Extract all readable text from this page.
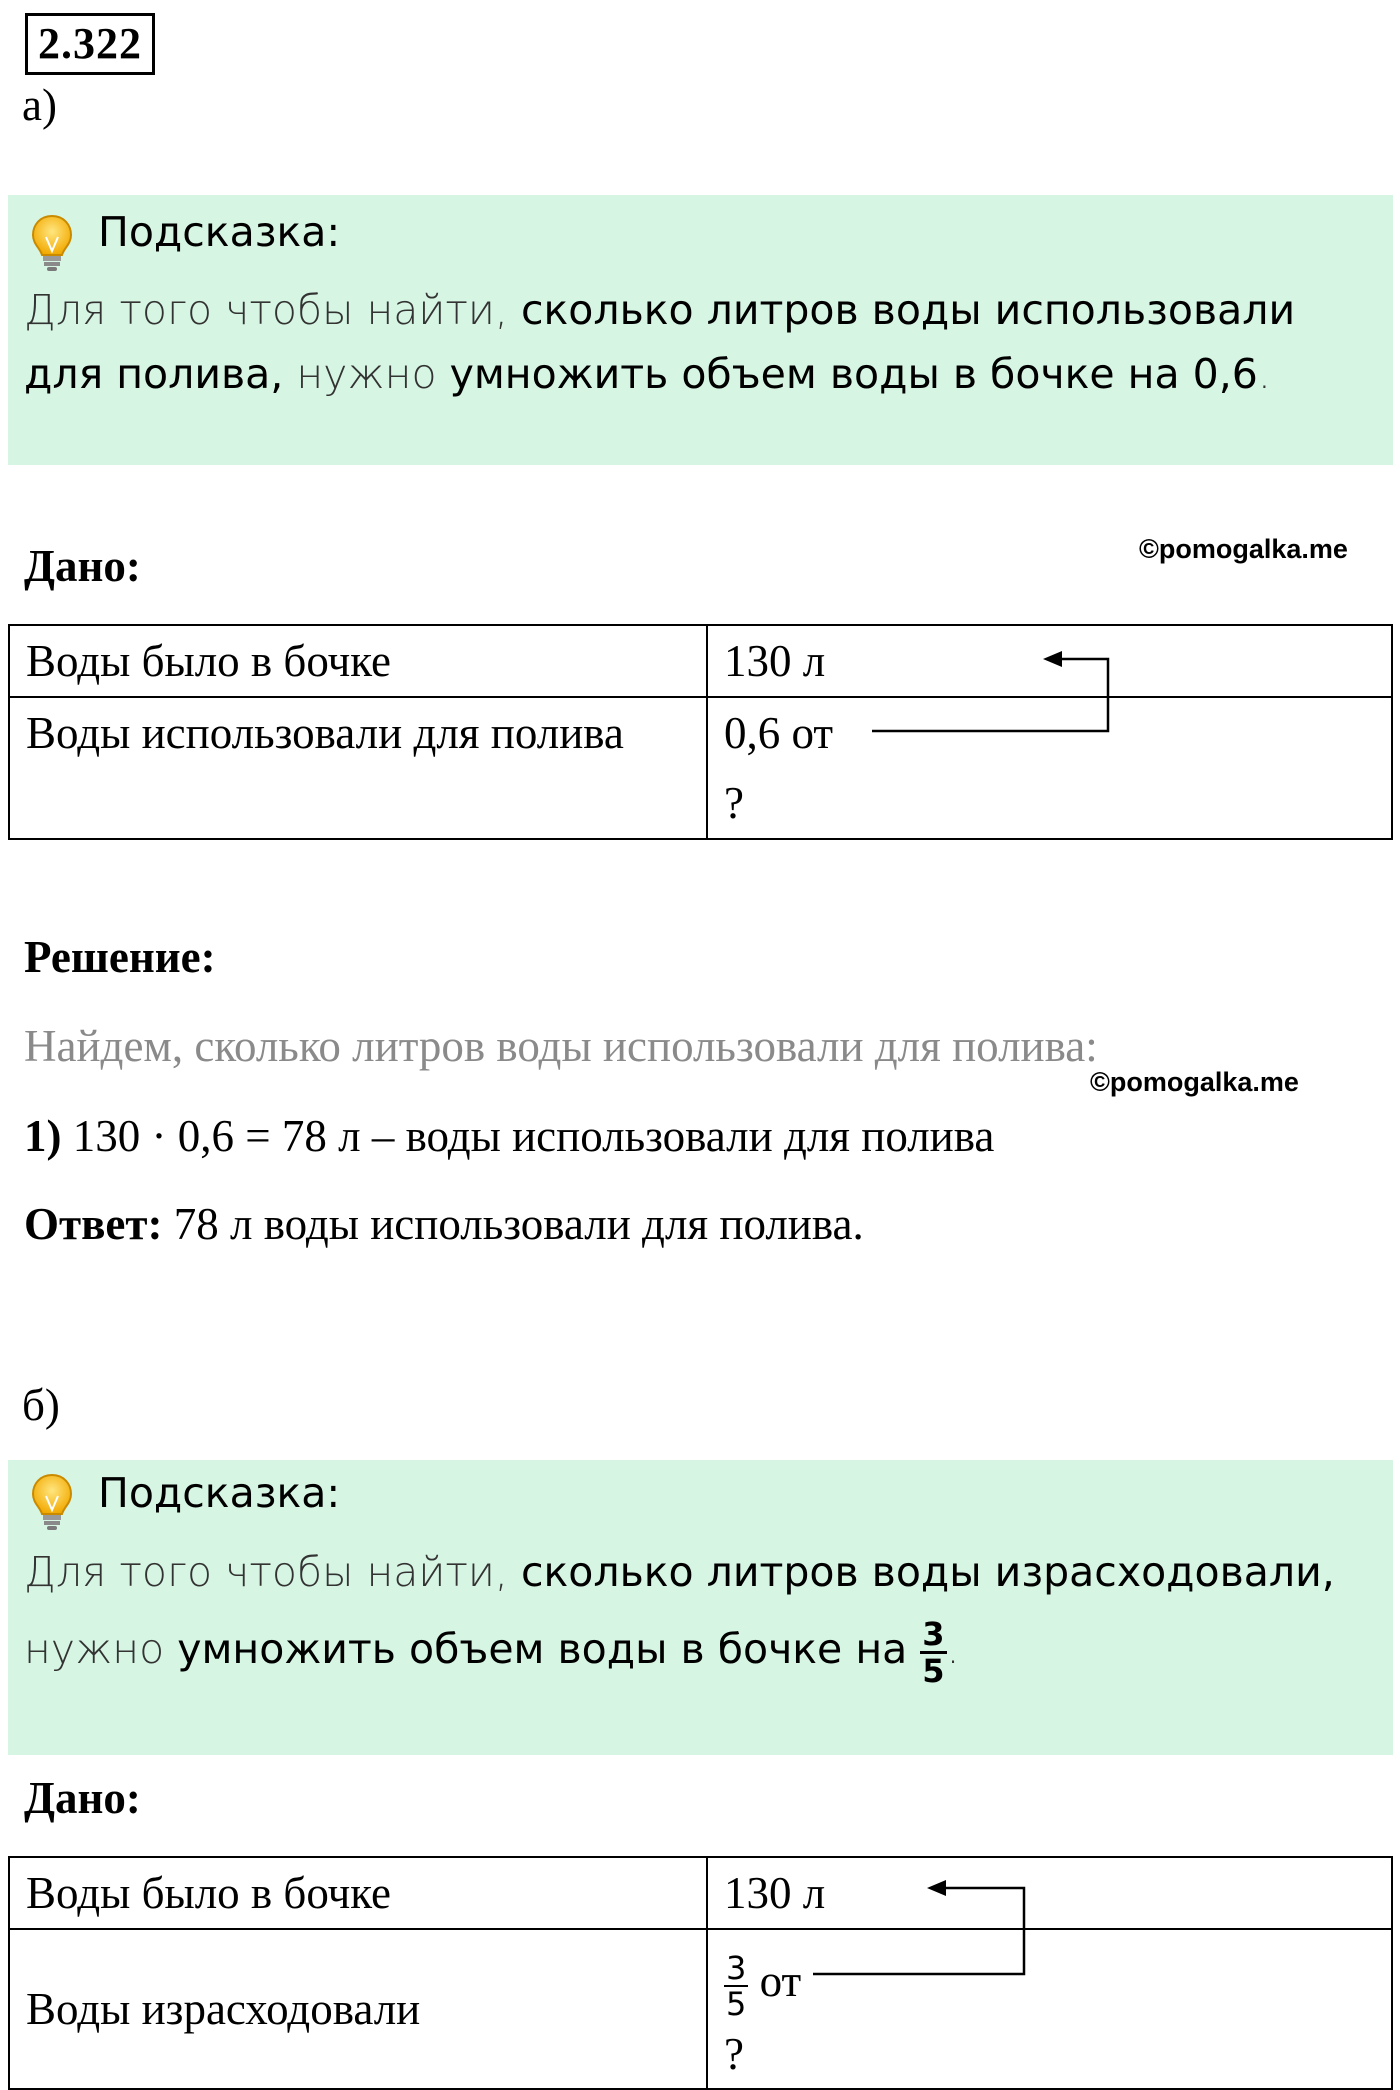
2.322
а)
Подсказка:
Для того чтобы найти, сколько литров воды использовали для полива, нужно умножить объем воды в бочке на 0,6.
Дано:	©pomogalka.me
Воды было в бочке	130 л
Воды использовали для полива	0,6 от
?
Решение:
Найдем, сколько литров воды использовали для полива:
©pomogalka.me
1) 130 · 0,6 = 78 л – воды использовали для полива
Ответ: 78 л воды использовали для полива.
б)
Подсказка:
Для того чтобы найти, сколько литров воды израсходовали,
нужно умножить объем воды в бочке на $\frac{3}{5}$ .
Дано:
Воды было в бочке	130 л
Воды израсходовали	$\frac{3}{5}$ от
?
